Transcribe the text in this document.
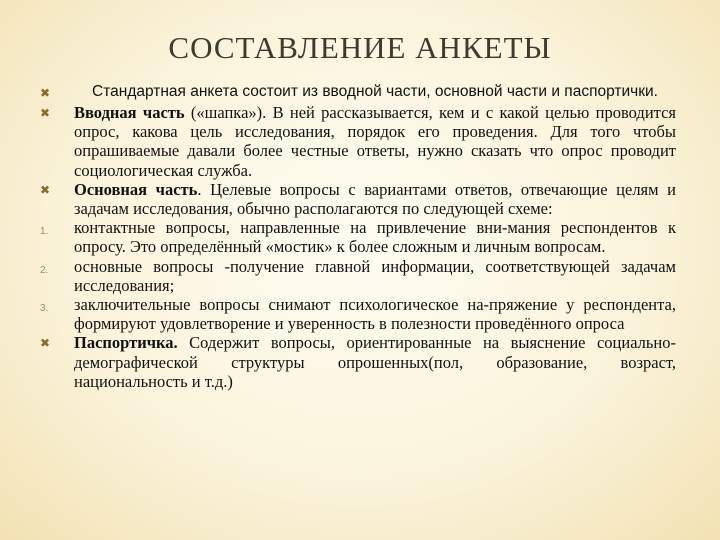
СОСТАВЛЕНИЕ АНКЕТЫ
✖	Стандартная анкета состоит из вводной части, основной части и паспортички.
✖	Вводная часть («шапка»). В ней рассказывается, кем и с какой целью проводится опрос, какова цель исследования, порядок его проведения. Для того чтобы опрашиваемые давали более честные ответы, нужно сказать что опрос проводит социологическая служба.
✖	Основная часть. Целевые вопросы с вариантами ответов, отвечающие целям и задачам исследования, обычно располагаются по следующей схеме:
1.	контактные вопросы, направленные на привлечение вни-мания респондентов к опросу. Это определённый «мостик» к более сложным и личным вопросам.
2.	основные вопросы -получение главной информации, соответствующей задачам исследования;
3.	заключительные вопросы снимают психологическое на-пряжение у респондента, формируют удовлетворение и уверенность в полезности проведённого опроса
✖	Паспортичка. Содержит вопросы, ориентированные на выяснение социально-демографической структуры опрошенных(пол, образование, возраст, национальность и т.д.)
